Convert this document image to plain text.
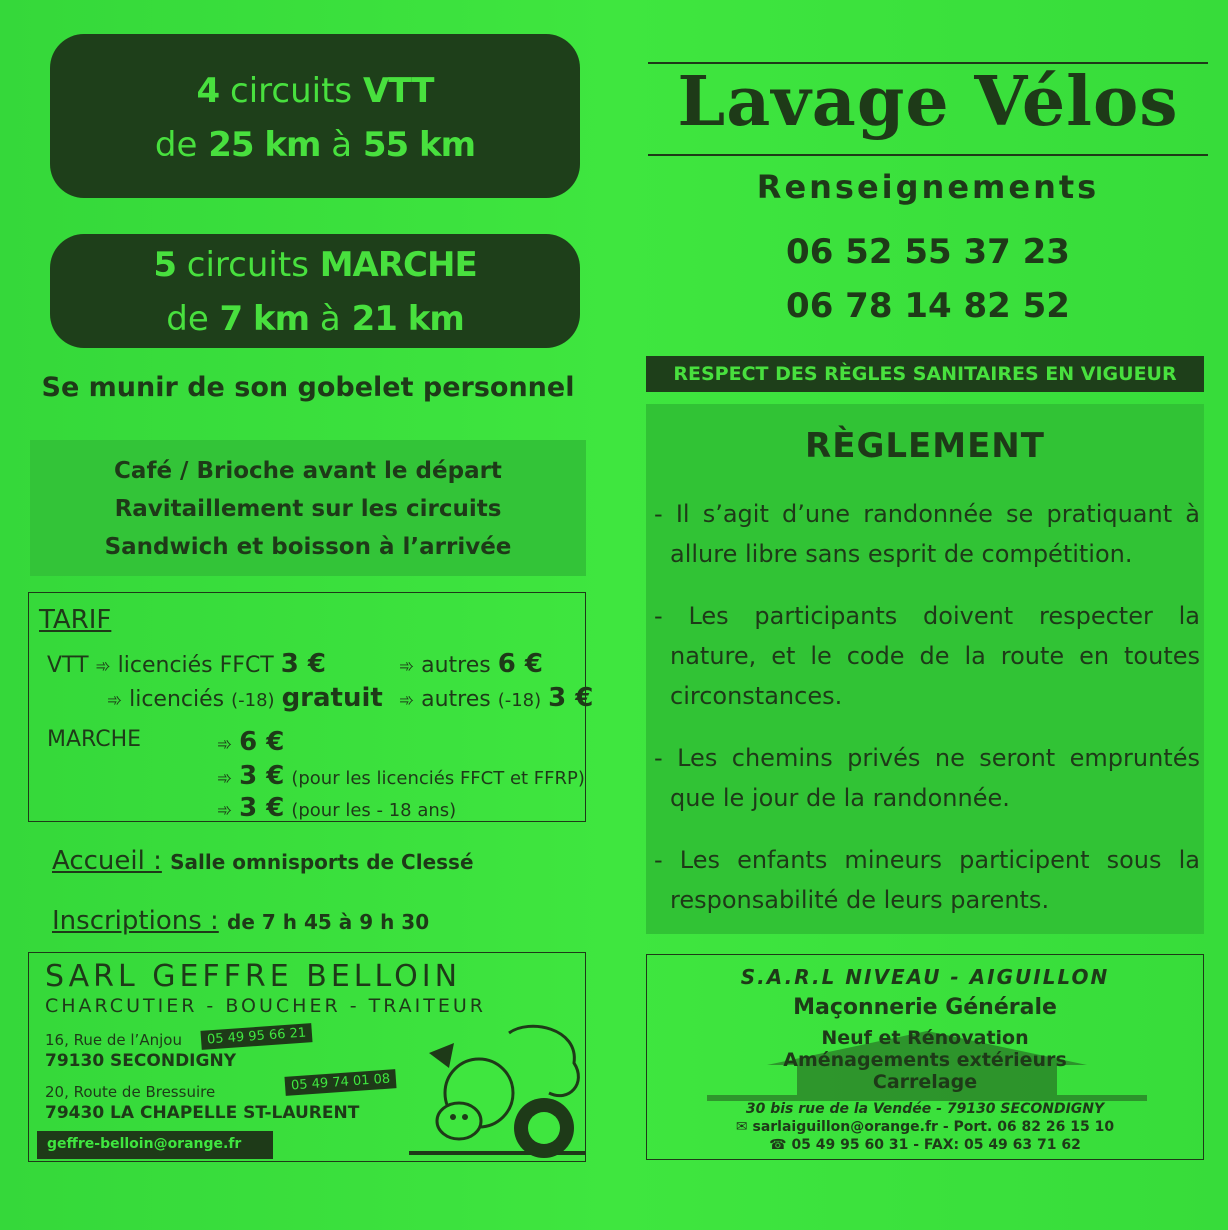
4 circuits VTT
de 25 km à 55 km
5 circuits MARCHE
de 7 km à 21 km
Se munir de son gobelet personnel
Café / Brioche avant le départ
Ravitaillement sur les circuits
Sandwich et boisson à l’arrivée
TARIF
VTT ➾ licenciés FFCT 3 €	➾ autres 6 €
➾ licenciés (-18) gratuit ➾ autres (-18) 3 €
MARCHE	➾ 6 €
➾ 3 € (pour les licenciés FFCT et FFRP)
➾ 3 € (pour les - 18 ans)
Accueil : Salle omnisports de Clessé
Inscriptions : de 7 h 45 à 9 h 30
SARL GEFFRE BELLOIN
CHARCUTIER - BOUCHER - TRAITEUR
16, Rue de l’Anjou	05 49 95 66 21
79130 SECONDIGNY
20, Route de Bressuire	05 49 74 01 08
79430 LA CHAPELLE ST-LAURENT
geffre-belloin@orange.fr
Lavage Vélos
Renseignements
06 52 55 37 23
06 78 14 82 52
RESPECT DES RÈGLES SANITAIRES EN VIGUEUR
RÈGLEMENT
- Il s’agit d’une randonnée se pratiquant à allure libre sans esprit de compétition.
- Les participants doivent respecter la nature, et le code de la route en toutes circonstances.
- Les chemins privés ne seront empruntés que le jour de la randonnée.
- Les enfants mineurs participent sous la responsabilité de leurs parents.
S.A.R.L NIVEAU - AIGUILLON
Maçonnerie Générale
Neuf et Rénovation
Aménagements extérieurs
Carrelage
30 bis rue de la Vendée - 79130 SECONDIGNY
✉ sarlaiguillon@orange.fr - Port. 06 82 26 15 10
☎ 05 49 95 60 31 - FAX: 05 49 63 71 62
